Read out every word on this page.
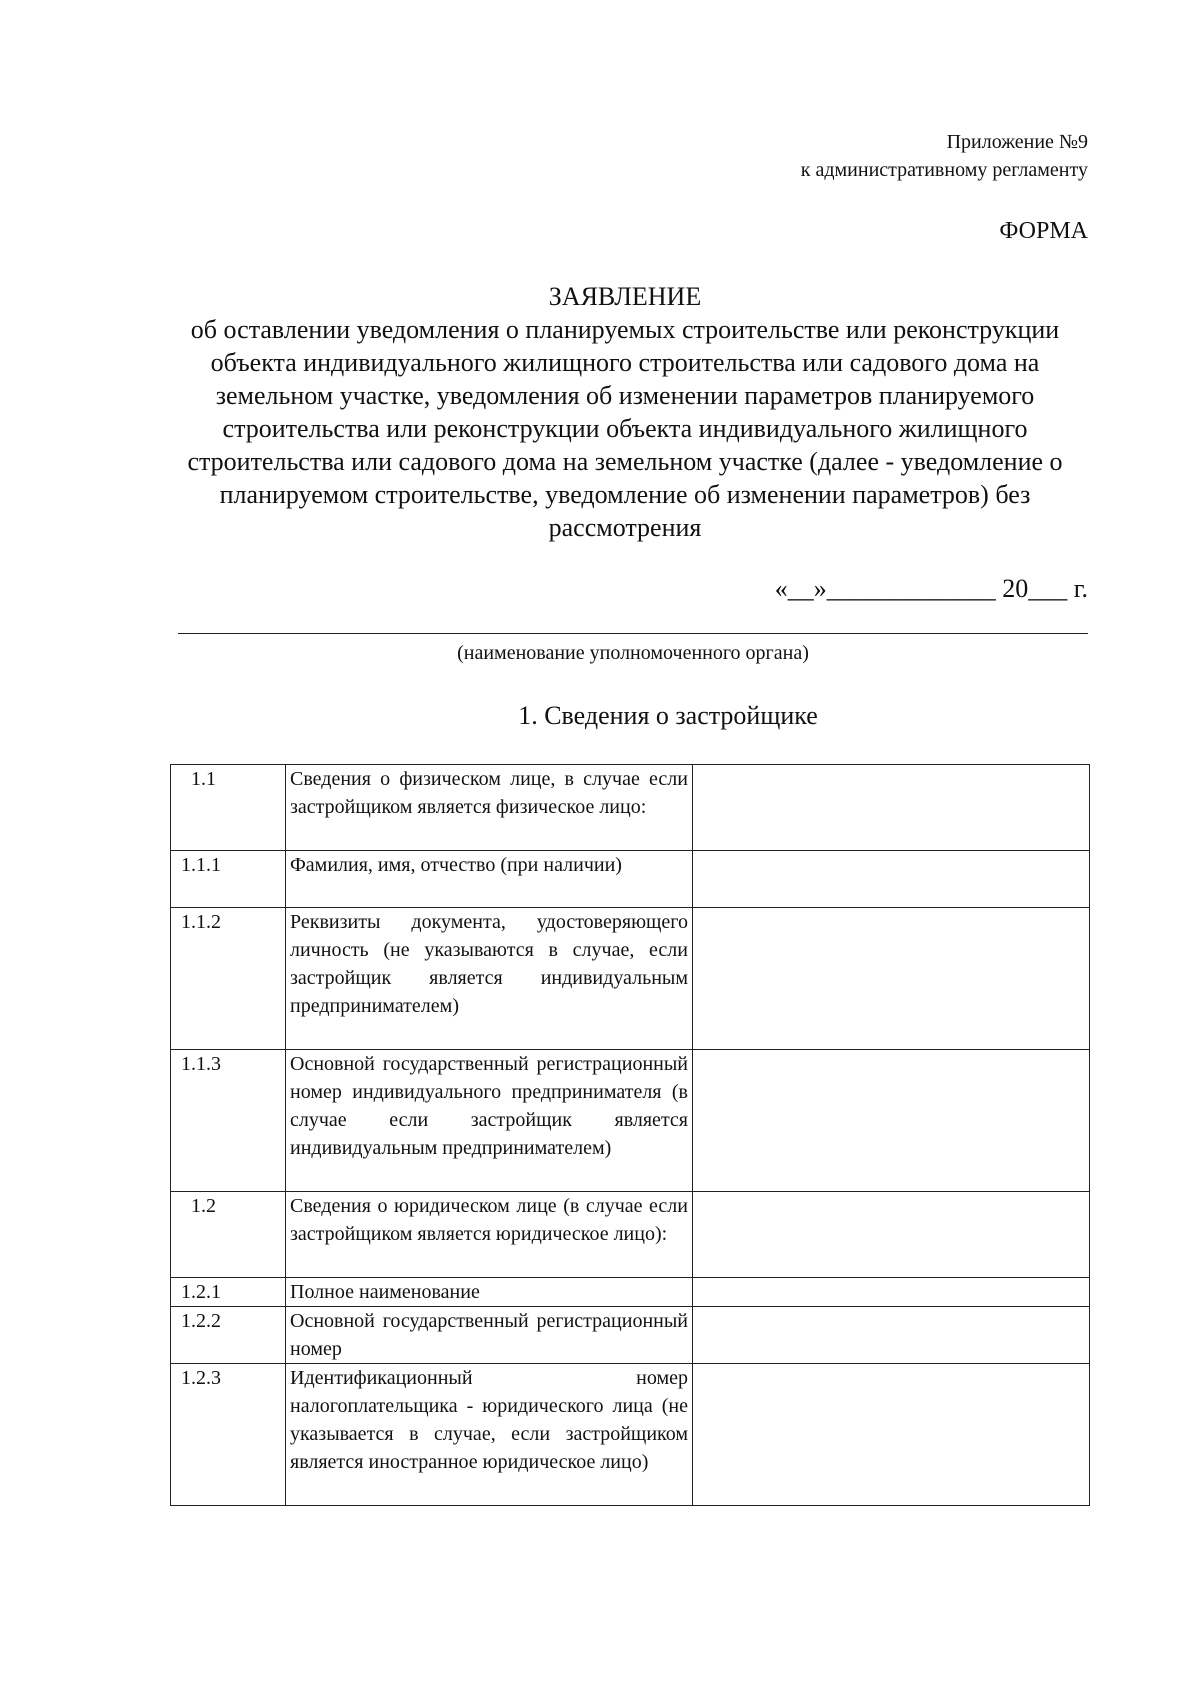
Приложение №9
к административному регламенту
ФОРМА
ЗАЯВЛЕНИЕ
об оставлении уведомления о планируемых строительстве или реконструкции объекта индивидуального жилищного строительства или садового дома на земельном участке, уведомления об изменении параметров планируемого строительства или реконструкции объекта индивидуального жилищного строительства или садового дома на земельном участке (далее - уведомление о планируемом строительстве, уведомление об изменении параметров) без рассмотрения
«__»_____________ 20___ г.
(наименование уполномоченного органа)
1. Сведения о застройщике
1.1	Сведения о физическом лице, в случае если застройщиком является физическое лицо:	
1.1.1	Фамилия, имя, отчество (при наличии)	
1.1.2	Реквизиты документа, удостоверяющего личность (не указываются в случае, если застройщик является индивидуальным предпринимателем)	
1.1.3	Основной государственный регистрационный номер индивидуального предпринимателя (в случае если застройщик является индивидуальным предпринимателем)	
1.2	Сведения о юридическом лице (в случае если застройщиком является юридическое лицо):	
1.2.1	Полное наименование	
1.2.2	Основной государственный регистрационный номер	
1.2.3	Идентификационный номер налогоплательщика - юридического лица (не указывается в случае, если застройщиком является иностранное юридическое лицо)	
